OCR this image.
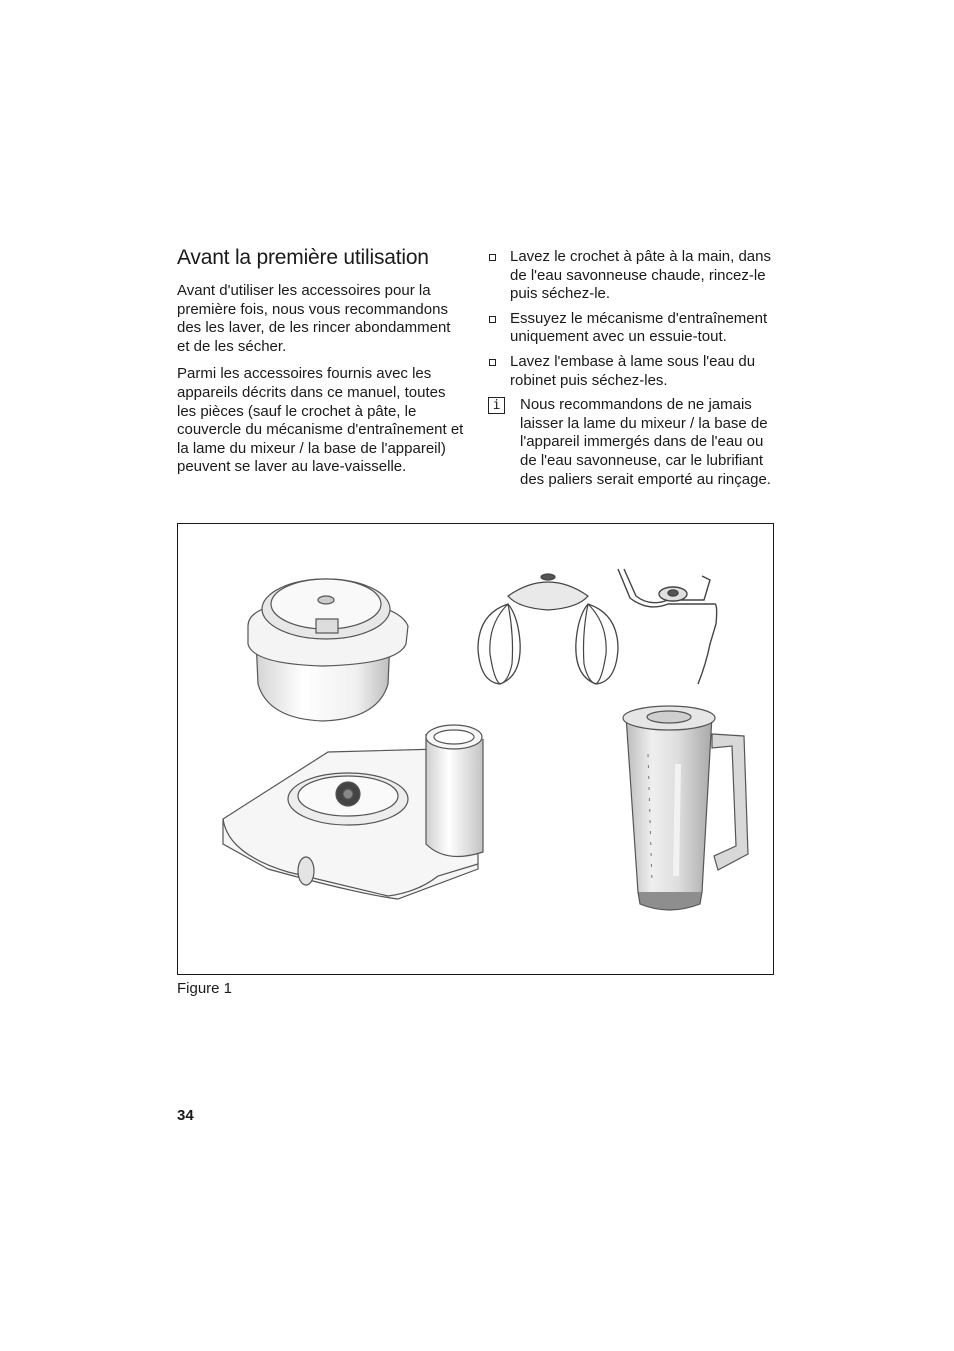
Avant la première utilisation

Avant d'utiliser les accessoires pour la première fois, nous vous recommandons des les laver, de les rincer abondamment et de les sécher.

Parmi les accessoires fournis avec les appareils décrits dans ce manuel, toutes les pièces (sauf le crochet à pâte, le couvercle du mécanisme d'entraînement et la lame du mixeur / la base de l'appareil) peuvent se laver au lave-vaisselle.

Lavez le crochet à pâte à la main, dans de l'eau savonneuse chaude, rincez-le puis séchez-le.
Essuyez le mécanisme d'entraînement uniquement avec un essuie-tout.
Lavez l'embase à lame sous l'eau du robinet puis séchez-les.
i	Nous recommandons de ne jamais laisser la lame du mixeur / la base de l'appareil immergés dans de l'eau ou de l'eau savonneuse, car le lubrifiant des paliers serait emporté au rinçage.
Figure 1
34
